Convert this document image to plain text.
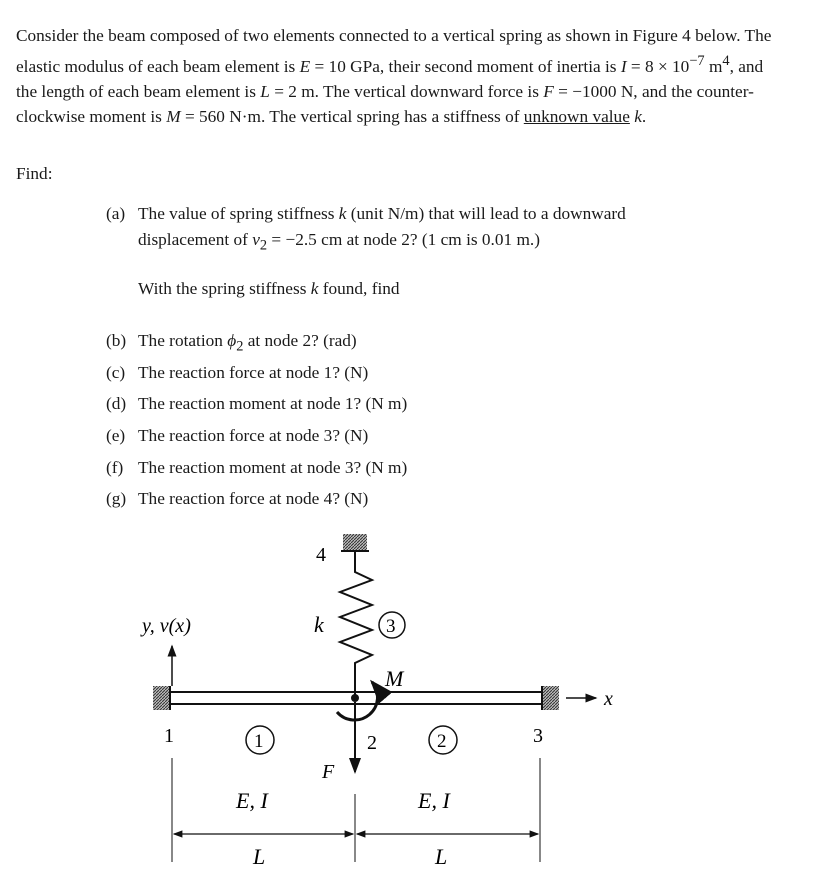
Consider the beam composed of two elements connected to a vertical spring as shown in Figure 4 below. The elastic modulus of each beam element is E = 10 GPa, their second moment of inertia is $I = 8 \times 10^{-7}$ $m^4$, and the length of each beam element is L = 2 m. The vertical downward force is F = −1000 N, and the counter-clockwise moment is M = 560 N·m. The vertical spring has a stiffness of unknown value k.
Find:
(a) The value of spring stiffness k (unit N/m) that will lead to a downward
displacement of $v_2 = -2.5$ cm at node 2? (1 cm is 0.01 m.)
With the spring stiffness k found, find
(b) The rotation $\phi_2$ at node 2? (rad)
(c) The reaction force at node 1? (N)
(d) The reaction moment at node 1? (N m)
(e) The reaction force at node 3? (N)
(f) The reaction moment at node 3? (N m)
(g) The reaction force at node 4? (N)
y, v(x)
x
4
k	3
M
F
1	2	3
1	2
E, I	E, I
L	L
